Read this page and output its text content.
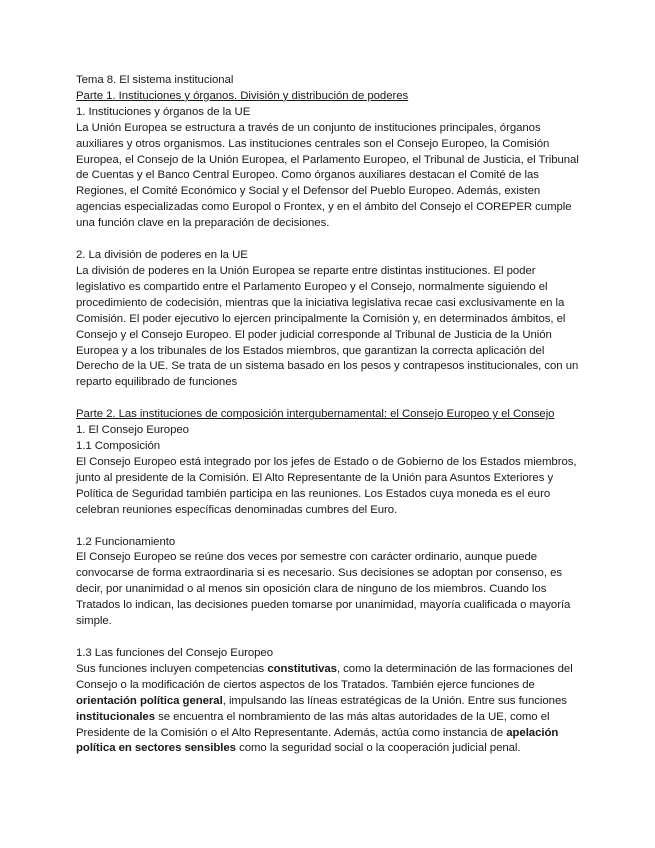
Tema 8. El sistema institucional
Parte 1. Instituciones y órganos. División y distribución de poderes
1. Instituciones y órganos de la UE

La Unión Europea se estructura a través de un conjunto de instituciones principales, órganos auxiliares y otros organismos. Las instituciones centrales son el Consejo Europeo, la Comisión Europea, el Consejo de la Unión Europea, el Parlamento Europeo, el Tribunal de Justicia, el Tribunal de Cuentas y el Banco Central Europeo. Como órganos auxiliares destacan el Comité de las Regiones, el Comité Económico y Social y el Defensor del Pueblo Europeo. Además, existen agencias especializadas como Europol o Frontex, y en el ámbito del Consejo el COREPER cumple una función clave en la preparación de decisiones.

2. La división de poderes en la UE

La división de poderes en la Unión Europea se reparte entre distintas instituciones. El poder legislativo es compartido entre el Parlamento Europeo y el Consejo, normalmente siguiendo el procedimiento de codecisión, mientras que la iniciativa legislativa recae casi exclusivamente en la Comisión. El poder ejecutivo lo ejercen principalmente la Comisión y, en determinados ámbitos, el Consejo y el Consejo Europeo. El poder judicial corresponde al Tribunal de Justicia de la Unión Europea y a los tribunales de los Estados miembros, que garantizan la correcta aplicación del Derecho de la UE. Se trata de un sistema basado en los pesos y contrapesos institucionales, con un reparto equilibrado de funciones

Parte 2. Las instituciones de composición intergubernamental: el Consejo Europeo y el Consejo
1. El Consejo Europeo
1.1 Composición

El Consejo Europeo está integrado por los jefes de Estado o de Gobierno de los Estados miembros, junto al presidente de la Comisión. El Alto Representante de la Unión para Asuntos Exteriores y Política de Seguridad también participa en las reuniones. Los Estados cuya moneda es el euro celebran reuniones específicas denominadas cumbres del Euro.

1.2 Funcionamiento

El Consejo Europeo se reúne dos veces por semestre con carácter ordinario, aunque puede convocarse de forma extraordinaria si es necesario. Sus decisiones se adoptan por consenso, es decir, por unanimidad o al menos sin oposición clara de ninguno de los miembros. Cuando los Tratados lo indican, las decisiones pueden tomarse por unanimidad, mayoría cualificada o mayoría simple.

1.3 Las funciones del Consejo Europeo

Sus funciones incluyen competencias constitutivas, como la determinación de las formaciones del Consejo o la modificación de ciertos aspectos de los Tratados. También ejerce funciones de orientación política general, impulsando las líneas estratégicas de la Unión. Entre sus funciones institucionales se encuentra el nombramiento de las más altas autoridades de la UE, como el Presidente de la Comisión o el Alto Representante. Además, actúa como instancia de apelación política en sectores sensibles como la seguridad social o la cooperación judicial penal.
